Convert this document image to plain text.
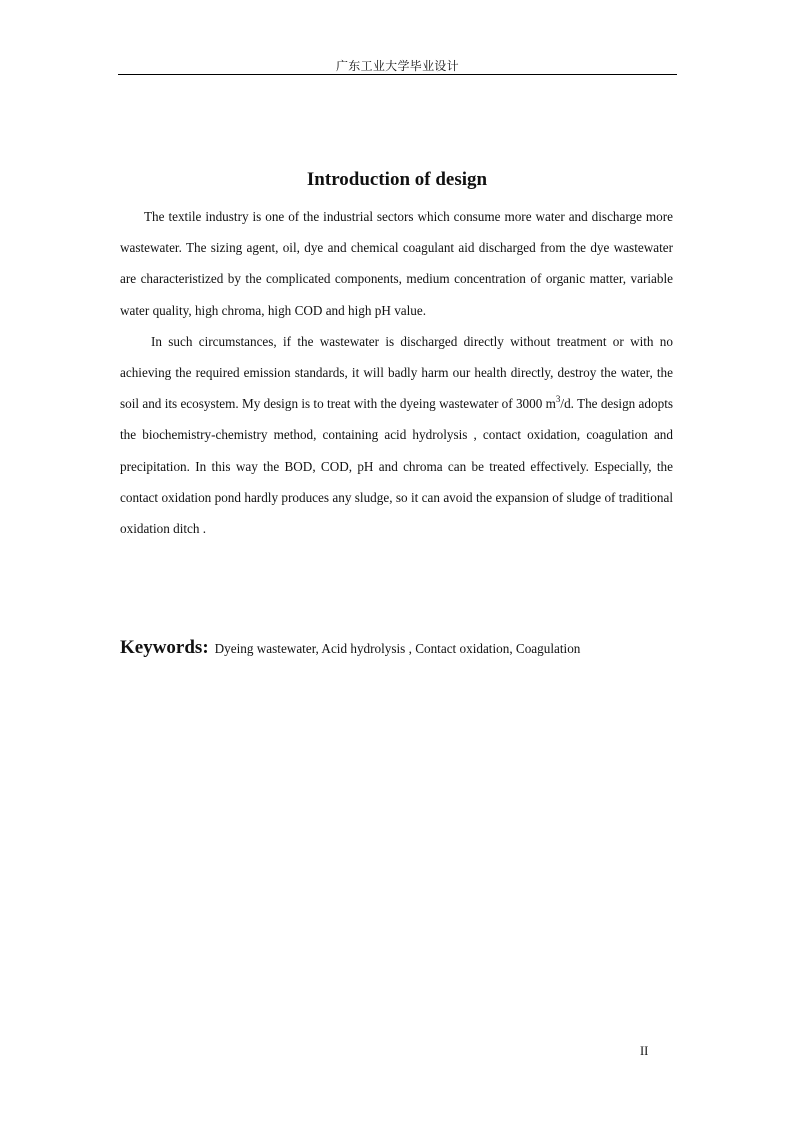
广东工业大学毕业设计
Introduction of design

The textile industry is one of the industrial sectors which consume more water and discharge more wastewater. The sizing agent, oil, dye and chemical coagulant aid discharged from the dye wastewater are characteristized by the complicated components, medium concentration of organic matter, variable water quality, high chroma, high COD and high pH value.

In such circumstances, if the wastewater is discharged directly without treatment or with no achieving the required emission standards, it will badly harm our health directly, destroy the water, the soil and its ecosystem. My design is to treat with the dyeing wastewater of 3000 $m^3/d$. The design adopts the biochemistry-chemistry method, containing acid hydrolysis , contact oxidation, coagulation and precipitation. In this way the BOD, COD, pH and chroma can be treated effectively. Especially, the contact oxidation pond hardly produces any sludge, so it can avoid the expansion of sludge of traditional oxidation ditch .

Keywords: Dyeing wastewater, Acid hydrolysis , Contact oxidation, Coagulation
II
